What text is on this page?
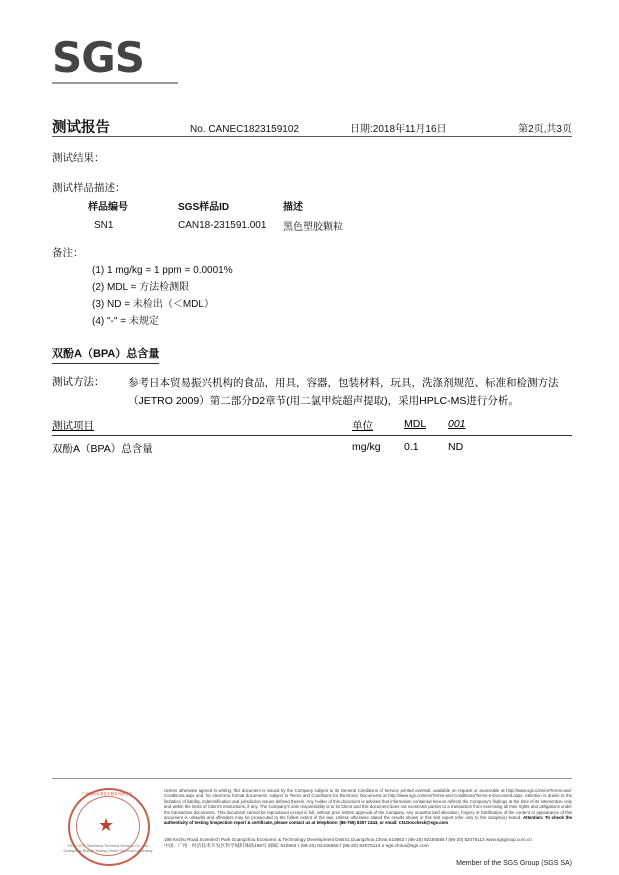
SGS
测试报告	No. CANEC1823159102	日期:2018年11月16日	第2页,共3页
测试结果：
测试样品描述：
样品编号	SGS样品ID	描述
SN1	CAN18-231591.001	黑色塑胶颗粒
备注：
(1) 1 mg/kg = 1 ppm = 0.0001%
(2) MDL = 方法检测限
(3) ND = 未检出（＜MDL）
(4) "-" = 未规定
双酚A（BPA）总含量
测试方法： 参考日本贸易振兴机构的食品，用具，容器，包装材料，玩具，洗涤剂规范、标准和检测方法（JETRO 2009）第二部分D2章节(用二氯甲烷超声提取)，采用HPLC-MS进行分析。
测试项目	单位	MDL	001
双酚A（BPA）总含量	mg/kg	0.1	ND
广州通标标准技术服务有限公司
★
SGS-CSTC Standards Technical Services Co., Ltd.
Guangzhou Branch Testing Center Chemical Laboratory
Unless otherwise agreed in writing, this document is issued by the Company subject to its General Conditions of Service printed overleaf, available on request or accessible at http://www.sgs.com/en/Terms-and-Conditions.aspx and, for electronic format documents, subject to Terms and Conditions for Electronic Documents at http://www.sgs.com/en/Terms-and-Conditions/Terms-e-Document.aspx. Attention is drawn to the limitation of liability, indemnification and jurisdiction issues defined therein. Any holder of this document is advised that information contained hereon reflects the Company's findings at the time of its intervention only and within the limits of Client's instructions, if any. The Company's sole responsibility is to its Client and this document does not exonerate parties to a transaction from exercising all their rights and obligations under the transaction documents. This document cannot be reproduced except in full, without prior written approval of the Company. Any unauthorized alteration, forgery or falsification of the content or appearance of this document is unlawful and offenders may be prosecuted to the fullest extent of the law. Unless otherwise stated the results shown in this test report refer only to the sample(s) tested. Attention: To check the authenticity of testing /inspection report & certificate, please contact us at telephone: (86-755) 8307 1443, or email: CN.Doccheck@sgs.com
198 Kezhu Road,Scientech Park Guangzhou Economic & Technology Development District,Guangzhou,China 510663 t (86-20) 82155555 f (86-20) 82075113 www.sgsgroup.com.cn
中国 · 广州 · 经济技术开发区科学城科珠路198号 邮编: 510663 t (86-20) 82155555 f (86-20) 82075113 e sgs.china@sgs.com
Member of the SGS Group (SGS SA)
